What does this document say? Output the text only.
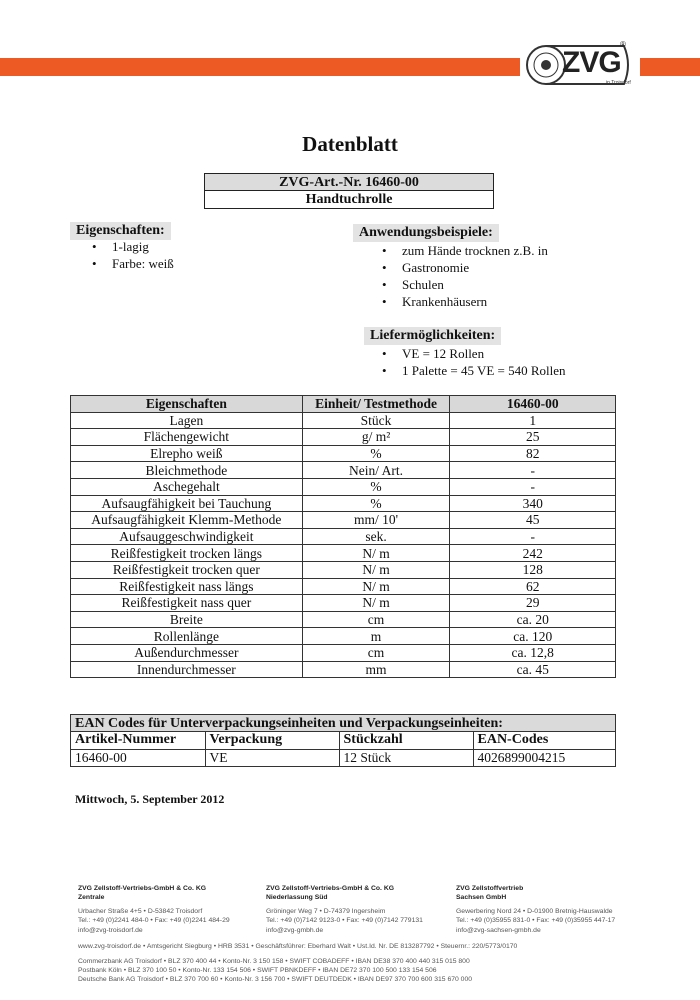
ZVG
®
in Troisdorf
Datenblatt
ZVG-Art.-Nr. 16460-00
Handtuchrolle
Eigenschaften:
• 1-lagig
• Farbe: weiß
Anwendungsbeispiele:
• zum Hände trocknen z.B. in
• Gastronomie
• Schulen
• Krankenhäusern
Liefermöglichkeiten:
• VE = 12 Rollen
• 1 Palette = 45 VE = 540 Rollen
Eigenschaften	Einheit/ Testmethode	16460-00
Lagen	Stück	1
Flächengewicht	g/ m²	25
Elrepho weiß	%	82
Bleichmethode	Nein/ Art.	-
Aschegehalt	%	-
Aufsaugfähigkeit bei Tauchung	%	340
Aufsaugfähigkeit Klemm-Methode	mm/ 10'	45
Aufsauggeschwindigkeit	sek.	-
Reißfestigkeit trocken längs	N/ m	242
Reißfestigkeit trocken quer	N/ m	128
Reißfestigkeit nass längs	N/ m	62
Reißfestigkeit nass quer	N/ m	29
Breite	cm	ca. 20
Rollenlänge	m	ca. 120
Außendurchmesser	cm	ca. 12,8
Innendurchmesser	mm	ca. 45
EAN Codes für Unterverpackungseinheiten und Verpackungseinheiten:
Artikel-Nummer	Verpackung	Stückzahl	EAN-Codes
16460-00	VE	12 Stück	4026899004215
Mittwoch, 5. September 2012
ZVG Zellstoff-Vertriebs-GmbH & Co. KG
Zentrale
Urbacher Straße 4+5 • D-53842 Troisdorf
Tel.: +49 (0)2241 484-0 • Fax: +49 (0)2241 484-29
info@zvg-troisdorf.de
ZVG Zellstoff-Vertriebs-GmbH & Co. KG
Niederlassung Süd
Gröninger Weg 7 • D-74379 Ingersheim
Tel.: +49 (0)7142 9123-0 • Fax: +49 (0)7142 779131
info@zvg-gmbh.de
ZVG Zellstoffvertrieb
Sachsen GmbH
Gewerbering Nord 24 • D-01900 Bretnig-Hauswalde
Tel.: +49 (0)35955 831-0 • Fax: +49 (0)35955 447-17
info@zvg-sachsen-gmbh.de
www.zvg-troisdorf.de • Amtsgericht Siegburg • HRB 3531 • Geschäftsführer: Eberhard Walt • Ust.Id. Nr. DE 813287792 • Steuernr.: 220/5773/0170
Commerzbank AG Troisdorf • BLZ 370 400 44 • Konto-Nr. 3 150 158 • SWIFT COBADEFF • IBAN DE38 370 400 440 315 015 800
Postbank Köln • BLZ 370 100 50 • Konto-Nr. 133 154 506 • SWIFT PBNKDEFF • IBAN DE72 370 100 500 133 154 506
Deutsche Bank AG Troisdorf • BLZ 370 700 60 • Konto-Nr. 3 156 700 • SWIFT DEUTDEDK • IBAN DE97 370 700 600 315 670 000
